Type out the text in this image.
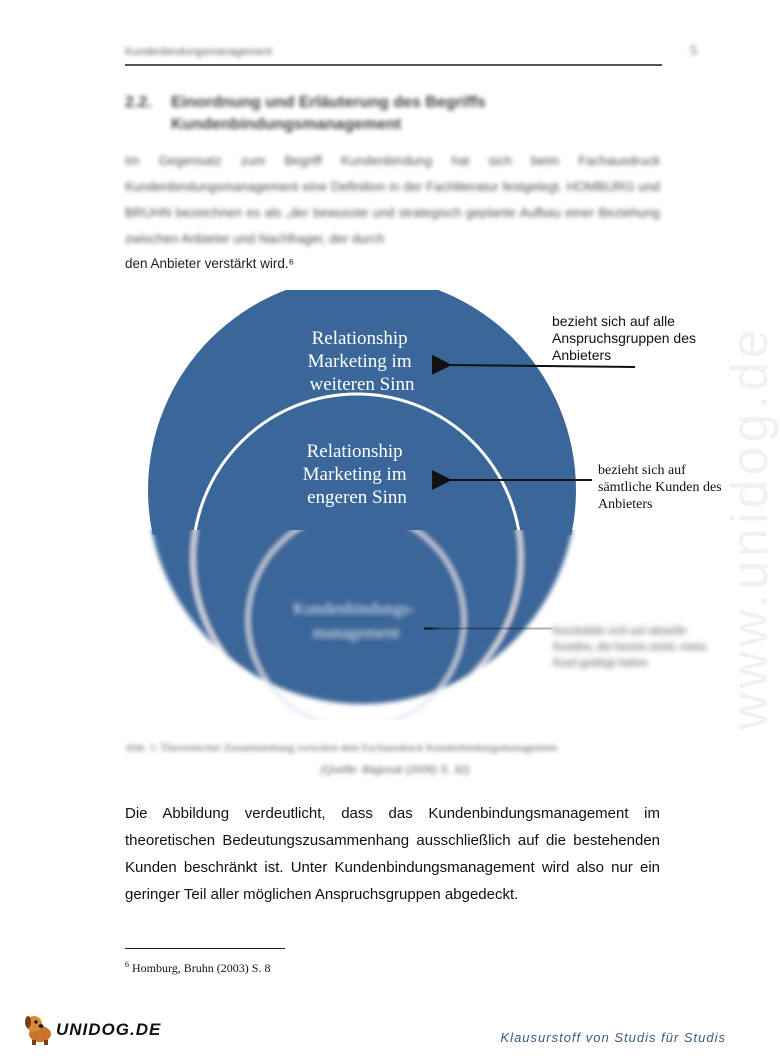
Kundenbindungsmanagement	5
2.2. Einordnung und Erläuterung des Begriffs Kundenbindungsmanagement
Im Gegensatz zum Begriff Kundenbindung hat sich beim Fachausdruck Kundenbindungsmanagement eine Definition in der Fachliteratur festgelegt. HOMBURG und BRUHN bezeichnen es als „der bewusste und strategisch geplante Aufbau einer Beziehung zwischen Anbieter und Nachfrager, der durch
den Anbieter verstärkt wird.⁶
Relationship Marketing im weiteren Sinn
Relationship Marketing im engeren Sinn
Kundenbindungs- management
bezieht sich auf alle Anspruchsgruppen des Anbieters
bezieht sich auf sämtliche Kunden des Anbieters
beschränkt sich auf aktuelle Kunden, die bereits mind. einen Kauf getätigt haben
Abb. 1: Theoretischer Zusammenhang zwischen dem Fachausdruck Kundenbindungsmanagement
(Quelle: Bagusat (2006) S. 32)
Die Abbildung verdeutlicht, dass das Kundenbindungsmanagement im theoretischen Bedeutungszusammenhang ausschließlich auf die bestehenden Kunden beschränkt ist. Unter Kundenbindungsmanagement wird also nur ein geringer Teil aller möglichen Anspruchsgruppen abgedeckt.
$^6$ Homburg, Bruhn (2003) S. 8
www.unidog.de
UNIDOG.DE	Klausurstoff von Studis für Studis
